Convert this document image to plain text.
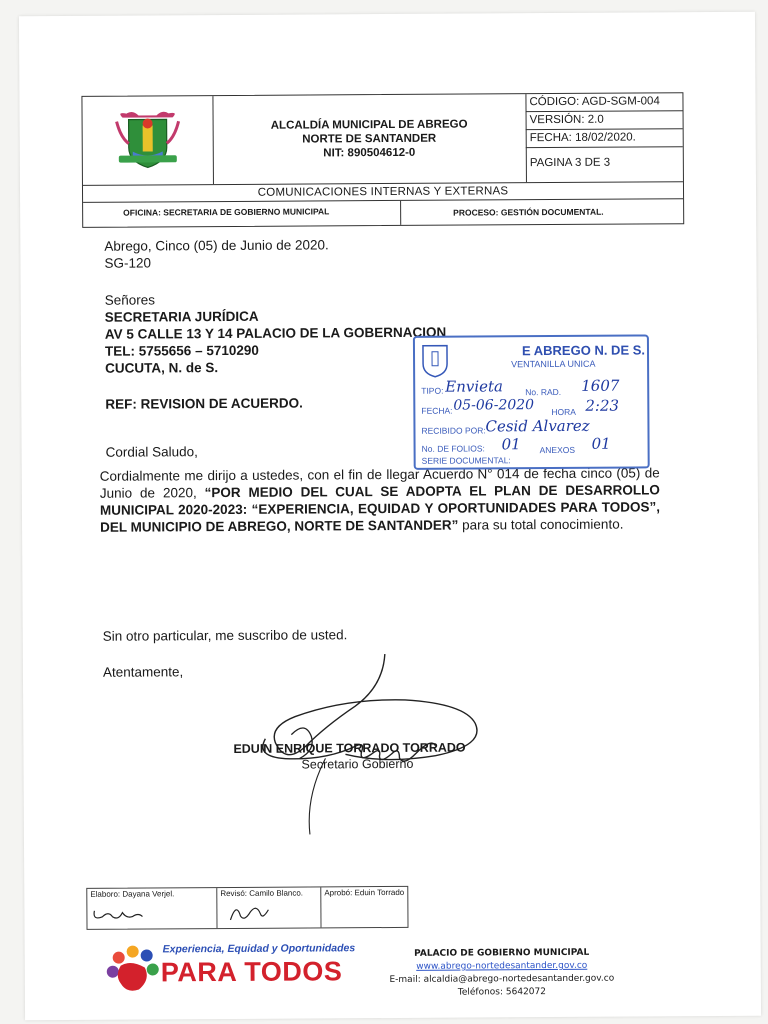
ALCALDÍA MUNICIPAL DE ABREGO
NORTE DE SANTANDER
NIT: 890504612-0
CÓDIGO: AGD-SGM-004
VERSIÓN: 2.0
FECHA: 18/02/2020.
PAGINA 3 DE 3
COMUNICACIONES INTERNAS Y EXTERNAS
OFICINA: SECRETARIA DE GOBIERNO MUNICIPAL	PROCESO: GESTIÓN DOCUMENTAL.
Abrego, Cinco (05) de Junio de 2020.
SG-120
Señores
SECRETARIA JURÍDICA
AV 5 CALLE 13 Y 14 PALACIO DE LA GOBERNACION
TEL: 5755656 – 5710290
CUCUTA, N. de S.
REF: REVISION DE ACUERDO.
Cordial Saludo,
Cordialmente me dirijo a ustedes, con el fin de llegar Acuerdo N° 014 de fecha cinco (05) de Junio de 2020, “POR MEDIO DEL CUAL SE ADOPTA EL PLAN DE DESARROLLO MUNICIPAL 2020-2023: “EXPERIENCIA, EQUIDAD Y OPORTUNIDADES PARA TODOS”, DEL MUNICIPIO DE ABREGO, NORTE DE SANTANDER” para su total conocimiento.
Sin otro particular, me suscribo de usted.
Atentamente,
EDUIN ENRIQUE TORRADO TORRADO
Secretario Gobierno
E ABREGO N. DE S.
VENTANILLA UNICA
TIPO: Envieta	No. RAD. 1607
FECHA: 05-06-2020 HORA 2:23
RECIBIDO POR: Cesid Alvarez
No. DE FOLIOS: 01 ANEXOS 01
SERIE DOCUMENTAL:
Elaboro: Dayana Verjel.	Revisó: Camilo Blanco.	Aprobó: Eduin Torrado
Experiencia, Equidad y Oportunidades
PARA TODOS
PALACIO DE GOBIERNO MUNICIPAL
www.abrego-nortedesantander.gov.co
E-mail: alcaldia@abrego-nortedesantander.gov.co
Teléfonos: 5642072
